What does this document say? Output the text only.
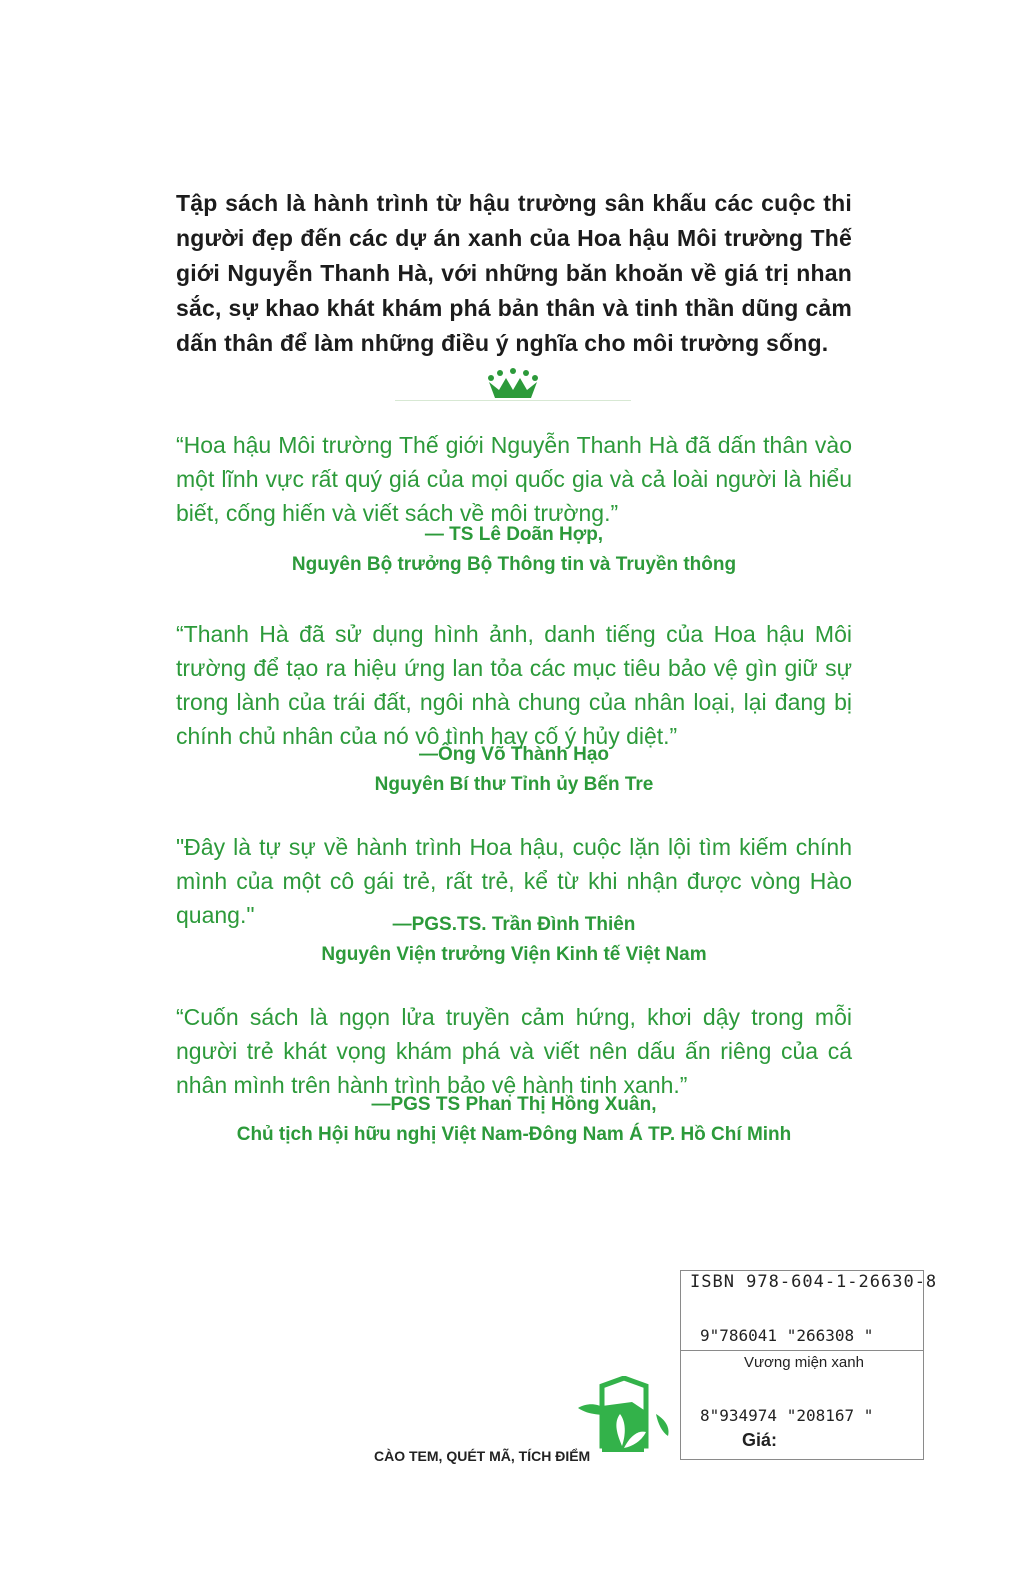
Tập sách là hành trình từ hậu trường sân khấu các cuộc thi người đẹp đến các dự án xanh của Hoa hậu Môi trường Thế giới Nguyễn Thanh Hà, với những băn khoăn về giá trị nhan sắc, sự khao khát khám phá bản thân và tinh thần dũng cảm dấn thân để làm những điều ý nghĩa cho môi trường sống.
“Hoa hậu Môi trường Thế giới Nguyễn Thanh Hà đã dấn thân vào một lĩnh vực rất quý giá của mọi quốc gia và cả loài người là hiểu biết, cống hiến và viết sách về môi trường.”
— TS Lê Doãn Hợp,
Nguyên Bộ trưởng Bộ Thông tin và Truyền thông
“Thanh Hà đã sử dụng hình ảnh, danh tiếng của Hoa hậu Môi trường để tạo ra hiệu ứng lan tỏa các mục tiêu bảo vệ gìn giữ sự trong lành của trái đất, ngôi nhà chung của nhân loại, lại đang bị chính chủ nhân của nó vô tình hay cố ý hủy diệt.”
—Ông Võ Thành Hạo
Nguyên Bí thư Tỉnh ủy Bến Tre
"Đây là tự sự về hành trình Hoa hậu, cuộc lặn lội tìm kiếm chính mình của một cô gái trẻ, rất trẻ, kể từ khi nhận được vòng Hào quang."	—PGS.TS. Trần Đình Thiên
Nguyên Viện trưởng Viện Kinh tế Việt Nam
“Cuốn sách là ngọn lửa truyền cảm hứng, khơi dậy trong mỗi người trẻ khát vọng khám phá và viết nên dấu ấn riêng của cá nhân mình trên hành trình bảo vệ hành tinh xanh.”
—PGS TS Phan Thị Hồng Xuân,
Chủ tịch Hội hữu nghị Việt Nam-Đông Nam Á TP. Hồ Chí Minh
ISBN 978-604-1-26630-8
9"786041 "266308 "
Vương miện xanh
8"934974 "208167 "
Giá:
CÀO TEM, QUÉT MÃ, TÍCH ĐIỂM
